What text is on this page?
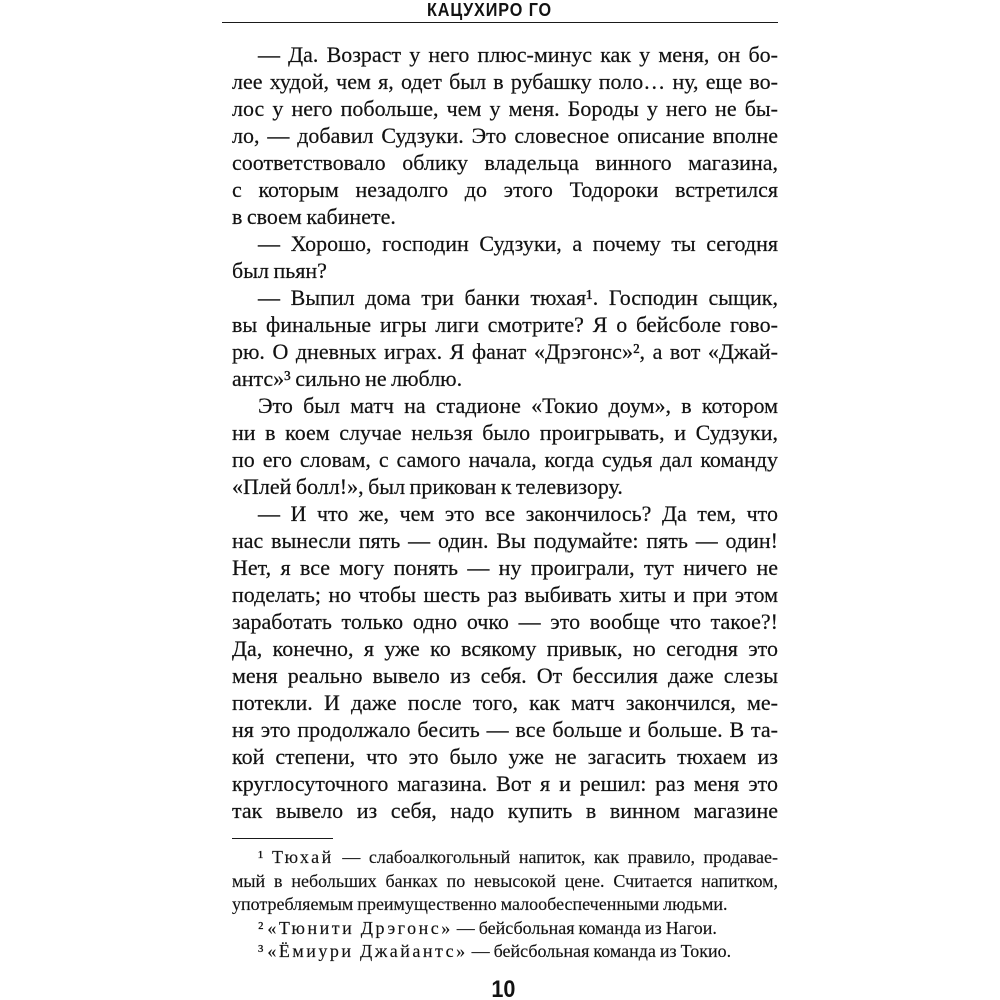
КАЦУХИРО ГО
— Да. Возраст у него плюс-минус как у меня, он бо-
лее худой, чем я, одет был в рубашку поло… ну, еще во-
лос у него побольше, чем у меня. Бороды у него не бы-
ло, — добавил Судзуки. Это словесное описание вполне
соответствовало облику владельца винного магазина,
с которым незадолго до этого Тодороки встретился
в своем кабинете.
— Хорошо, господин Судзуки, а почему ты сегодня
был пьян?
— Выпил дома три банки тюхая¹. Господин сыщик,
вы финальные игры лиги смотрите? Я о бейсболе гово-
рю. О дневных играх. Я фанат «Дрэгонс»², а вот «Джай-
антс»³ сильно не люблю.
Это был матч на стадионе «Токио доум», в котором
ни в коем случае нельзя было проигрывать, и Судзуки,
по его словам, с самого начала, когда судья дал команду
«Плей болл!», был прикован к телевизору.
— И что же, чем это все закончилось? Да тем, что
нас вынесли пять — один. Вы подумайте: пять — один!
Нет, я все могу понять — ну проиграли, тут ничего не
поделать; но чтобы шесть раз выбивать хиты и при этом
заработать только одно очко — это вообще что такое?!
Да, конечно, я уже ко всякому привык, но сегодня это
меня реально вывело из себя. От бессилия даже слезы
потекли. И даже после того, как матч закончился, ме-
ня это продолжало бесить — все больше и больше. В та-
кой степени, что это было уже не загасить тюхаем из
круглосуточного магазина. Вот я и решил: раз меня это
так вывело из себя, надо купить в винном магазине
¹ Тюхай — слабоалкогольный напиток, как правило, продавае-
мый в небольших банках по невысокой цене. Считается напитком,
употребляемым преимущественно малообеспеченными людьми.
² «Тюнити Дрэгонс» — бейсбольная команда из Нагои.
³ «Ёмиури Джайантс» — бейсбольная команда из Токио.
10
